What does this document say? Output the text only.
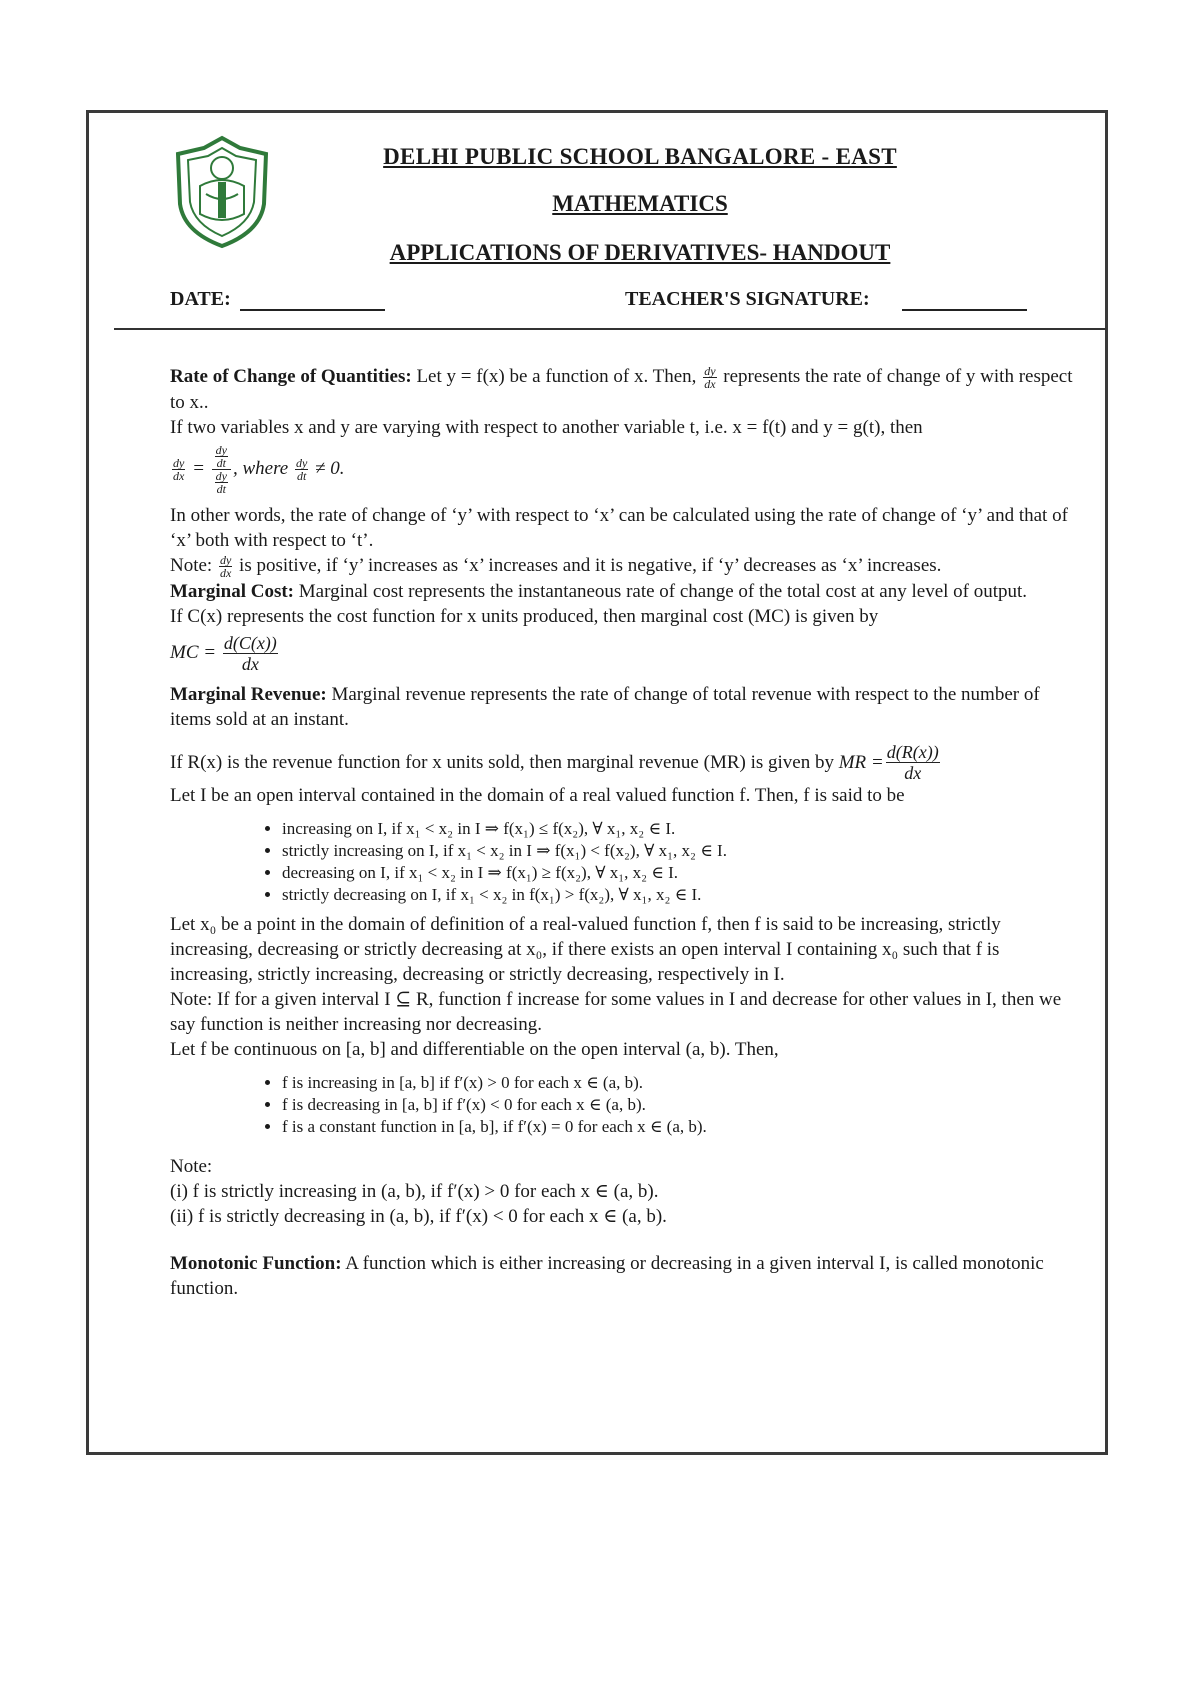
DELHI PUBLIC SCHOOL BANGALORE - EAST
MATHEMATICS
APPLICATIONS OF DERIVATIVES- HANDOUT
DATE:	TEACHER'S SIGNATURE:

Rate of Change of Quantities: Let y = f(x) be a function of x. Then, $\frac{dy}{dx}$ represents the rate of change of y with respect to x..

If two variables x and y are varying with respect to another variable t, i.e. x = f(t) and y = g(t), then

$\frac{dy}{dx} = \frac{\frac{dy}{dt}}{\frac{dy}{dt}}$ , where $\frac{dy}{dt} \ne 0$.

In other words, the rate of change of ‘y’ with respect to ‘x’ can be calculated using the rate of change of ‘y’ and that of ‘x’ both with respect to ‘t’.

Note: $\frac{dy}{dx}$ is positive, if ‘y’ increases as ‘x’ increases and it is negative, if ‘y’ decreases as ‘x’ increases.

Marginal Cost: Marginal cost represents the instantaneous rate of change of the total cost at any level of output.

If C(x) represents the cost function for x units produced, then marginal cost (MC) is given by

MC = $\frac{d(C(x))}{dx}$

Marginal Revenue: Marginal revenue represents the rate of change of total revenue with respect to the number of items sold at an instant.

If R(x) is the revenue function for x units sold, then marginal revenue (MR) is given by
MR = $\frac{d(R(x))}{dx}$

Let I be an open interval contained in the domain of a real valued function f. Then, f is said to be

• increasing on I, if x₁ < x₂ in I ⇒ f(x₁) ≤ f(x₂), ∀ x₁, x₂ ∈ I.
• strictly increasing on I, if x₁ < x₂ in I ⇒ f(x₁) < f(x₂), ∀ x₁, x₂ ∈ I.
• decreasing on I, if x₁ < x₂ in I ⇒ f(x₁) ≥ f(x₂), ∀ x₁, x₂ ∈ I.
• strictly decreasing on I, if x₁ < x₂ in f(x₁) > f(x₂), ∀ x₁, x₂ ∈ I.

Let x₀ be a point in the domain of definition of a real-valued function f, then f is said to be increasing, strictly increasing, decreasing or strictly decreasing at x₀, if there exists an open interval I containing x₀ such that f is increasing, strictly increasing, decreasing or strictly decreasing, respectively in I.

Note: If for a given interval I ⊆ R, function f increase for some values in I and decrease for other values in I, then we say function is neither increasing nor decreasing.

Let f be continuous on [a, b] and differentiable on the open interval (a, b). Then,

• f is increasing in [a, b] if f′(x) > 0 for each x ∈ (a, b).
• f is decreasing in [a, b] if f′(x) < 0 for each x ∈ (a, b).
• f is a constant function in [a, b], if f′(x) = 0 for each x ∈ (a, b).

Note:

(i) f is strictly increasing in (a, b), if f′(x) > 0 for each x ∈ (a, b).

(ii) f is strictly decreasing in (a, b), if f′(x) < 0 for each x ∈ (a, b).

Monotonic Function: A function which is either increasing or decreasing in a given interval I, is called monotonic function.
